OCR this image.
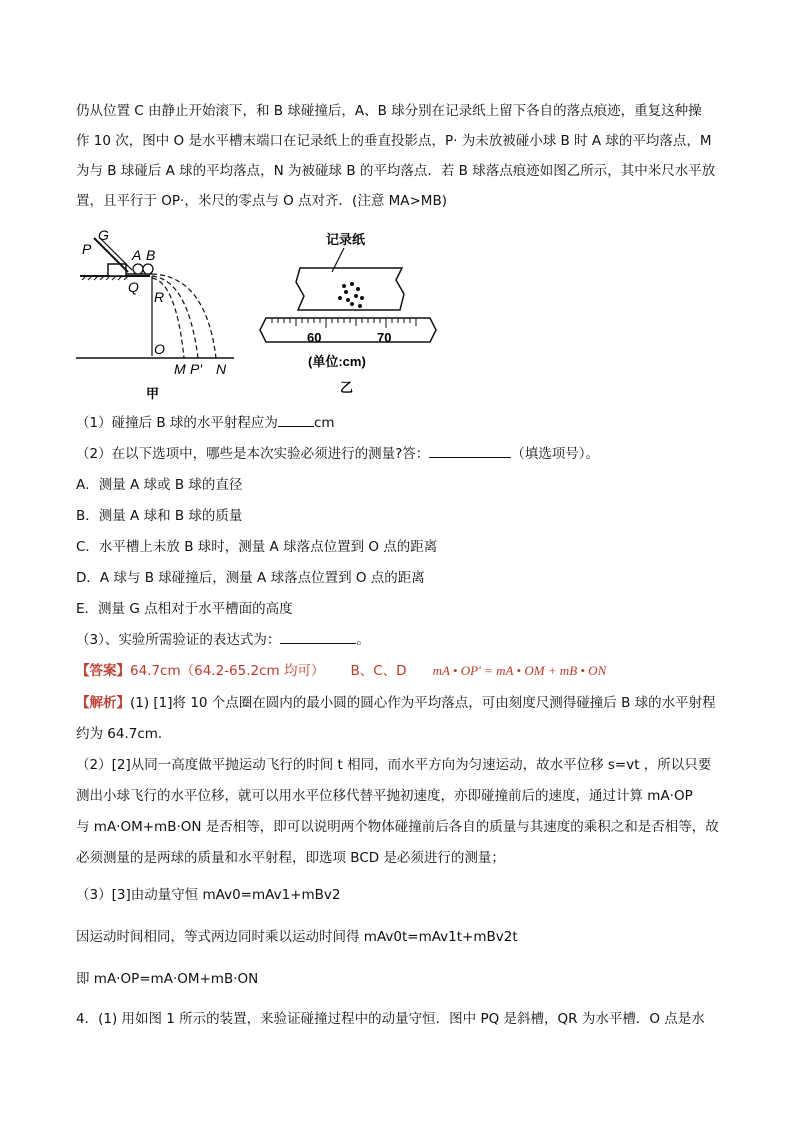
仍从位置 C 由静止开始滚下，和 B 球碰撞后，A、B 球分别在记录纸上留下各自的落点痕迹，重复这种操
作 10 次，图中 O 是水平槽末端口在记录纸上的垂直投影点，P· 为未放被碰小球 B 时 A 球的平均落点，M
为与 B 球碰后 A 球的平均落点，N 为被碰球 B 的平均落点．若 B 球落点痕迹如图乙所示，其中米尺水平放
置，且平行于 OP·，米尺的零点与 O 点对齐．(注意 MA>MB)
P
G
A B
Q
R
O
M P' N
甲
记录纸
60	70
(单位:cm)
乙
（1）碰撞后 B 球的水平射程应为	cm
（2）在以下选项中，哪些是本次实验必须进行的测量?答：	（填选项号）。
A．测量 A 球或 B 球的直径
B．测量 A 球和 B 球的质量
C．水平槽上未放 B 球时，测量 A 球落点位置到 O 点的距离
D．A 球与 B 球碰撞后，测量 A 球落点位置到 O 点的距离
E．测量 G 点相对于水平槽面的高度
（3）、实验所需验证的表达式为：	。
【答案】64.7cm（64.2-65.2cm 均可） B、C、D mA • OP′ = mA • OM + mB • ON
【解析】(1) [1]将 10 个点圈在圆内的最小圆的圆心作为平均落点，可由刻度尺测得碰撞后 B 球的水平射程
约为 64.7cm.
（2）[2]从同一高度做平抛运动飞行的时间 t 相同，而水平方向为匀速运动，故水平位移 s=vt ，所以只要
测出小球飞行的水平位移，就可以用水平位移代替平抛初速度，亦即碰撞前后的速度，通过计算 mA·OP
与 mA·OM+mB·ON 是否相等，即可以说明两个物体碰撞前后各自的质量与其速度的乘积之和是否相等，故
必须测量的是两球的质量和水平射程，即选项 BCD 是必须进行的测量；
（3）[3]由动量守恒 mAv0=mAv1+mBv2
因运动时间相同，等式两边同时乘以运动时间得 mAv0t=mAv1t+mBv2t
即 mA·OP=mA·OM+mB·ON
4．(1) 用如图 1 所示的装置，来验证碰撞过程中的动量守恒．图中 PQ 是斜槽，QR 为水平槽．O 点是水
